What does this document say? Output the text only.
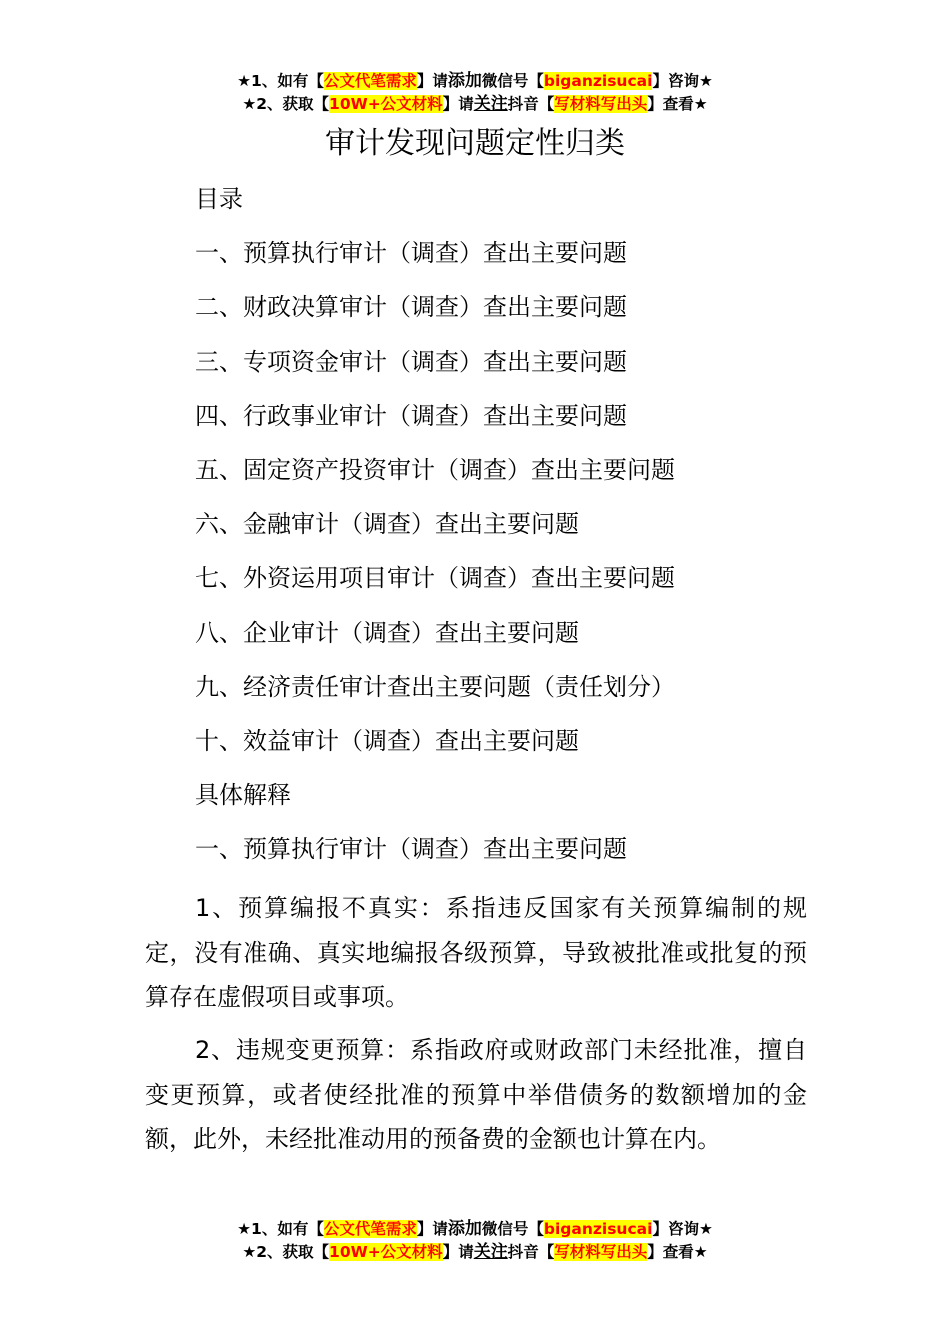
★1、如有【公文代笔需求】请添加微信号【biganzisucai】咨询★
★2、获取【10W+公文材料】请关注抖音【写材料写出头】查看★
审计发现问题定性归类
目录
一、预算执行审计（调查）查出主要问题
二、财政决算审计（调查）查出主要问题
三、专项资金审计（调查）查出主要问题
四、行政事业审计（调查）查出主要问题
五、固定资产投资审计（调查）查出主要问题
六、金融审计（调查）查出主要问题
七、外资运用项目审计（调查）查出主要问题
八、企业审计（调查）查出主要问题
九、经济责任审计查出主要问题（责任划分）
十、效益审计（调查）查出主要问题
具体解释
一、预算执行审计（调查）查出主要问题

1、预算编报不真实：系指违反国家有关预算编制的规定，没有准确、真实地编报各级预算，导致被批准或批复的预算存在虚假项目或事项。

2、违规变更预算：系指政府或财政部门未经批准，擅自变更预算，或者使经批准的预算中举借债务的数额增加的金额，此外，未经批准动用的预备费的金额也计算在内。

★1、如有【公文代笔需求】请添加微信号【biganzisucai】咨询★
★2、获取【10W+公文材料】请关注抖音【写材料写出头】查看★
